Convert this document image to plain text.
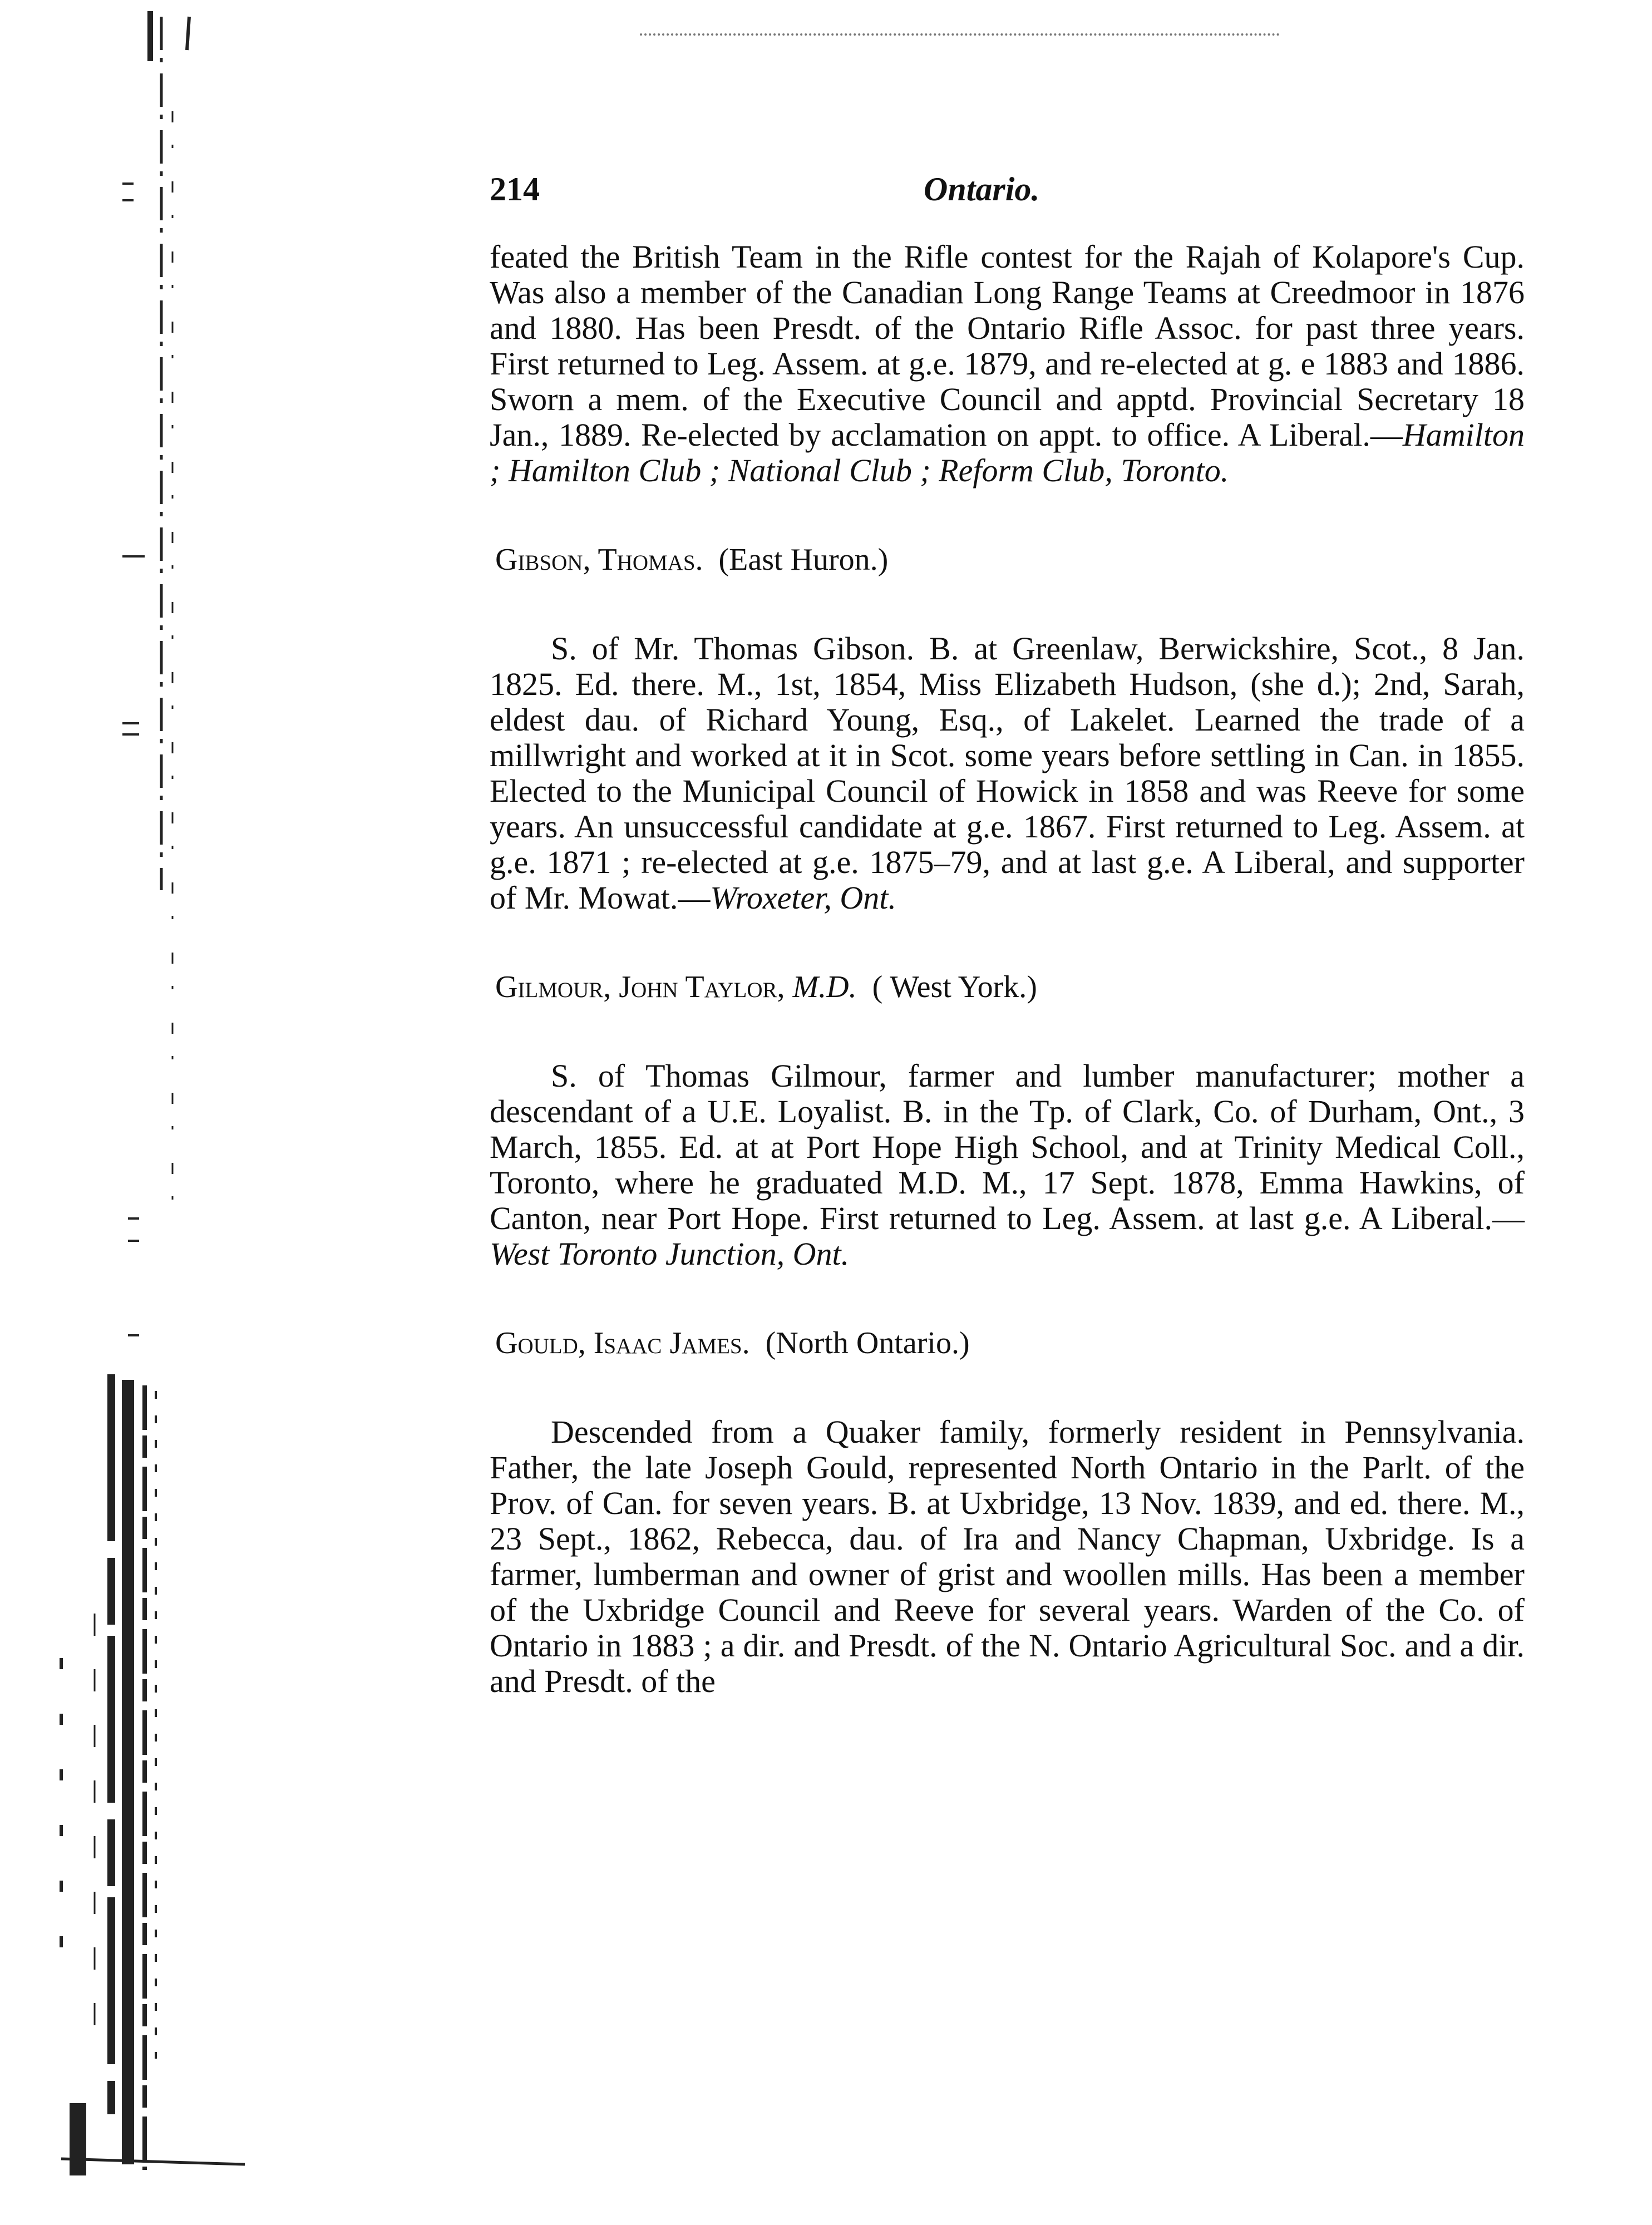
214	Ontario.

feated the British Team in the Rifle contest for the Rajah of Kolapore's Cup. Was also a member of the Canadian Long Range Teams at Creedmoor in 1876 and 1880. Has been Presdt. of the Ontario Rifle Assoc. for past three years. First returned to Leg. Assem. at g.e. 1879, and re-elected at g. e 1883 and 1886. Sworn a mem. of the Executive Council and apptd. Provincial Secretary 18 Jan., 1889. Re-elected by acclamation on appt. to office. A Liberal.—Hamilton ; Hamilton Club ; National Club ; Reform Club, Toronto.

Gibson, Thomas. (East Huron.)

S. of Mr. Thomas Gibson. B. at Greenlaw, Berwickshire, Scot., 8 Jan. 1825. Ed. there. M., 1st, 1854, Miss Elizabeth Hudson, (she d.); 2nd, Sarah, eldest dau. of Richard Young, Esq., of Lakelet. Learned the trade of a millwright and worked at it in Scot. some years before settling in Can. in 1855. Elected to the Municipal Council of Howick in 1858 and was Reeve for some years. An unsuccessful candidate at g.e. 1867. First returned to Leg. Assem. at g.e. 1871 ; re-elected at g.e. 1875–79, and at last g.e. A Liberal, and supporter of Mr. Mowat.—Wroxeter, Ont.

Gilmour, John Taylor, M.D. ( West York.)

S. of Thomas Gilmour, farmer and lumber manufacturer; mother a descendant of a U.E. Loyalist. B. in the Tp. of Clark, Co. of Durham, Ont., 3 March, 1855. Ed. at at Port Hope High School, and at Trinity Medical Coll., Toronto, where he graduated M.D. M., 17 Sept. 1878, Emma Hawkins, of Canton, near Port Hope. First returned to Leg. Assem. at last g.e. A Liberal.—West Toronto Junction, Ont.

Gould, Isaac James. (North Ontario.)

Descended from a Quaker family, formerly resident in Pennsylvania. Father, the late Joseph Gould, represented North Ontario in the Parlt. of the Prov. of Can. for seven years. B. at Uxbridge, 13 Nov. 1839, and ed. there. M., 23 Sept., 1862, Rebecca, dau. of Ira and Nancy Chapman, Uxbridge. Is a farmer, lumberman and owner of grist and woollen mills. Has been a member of the Uxbridge Council and Reeve for several years. Warden of the Co. of Ontario in 1883 ; a dir. and Presdt. of the N. Ontario Agricultural Soc. and a dir. and Presdt. of the
